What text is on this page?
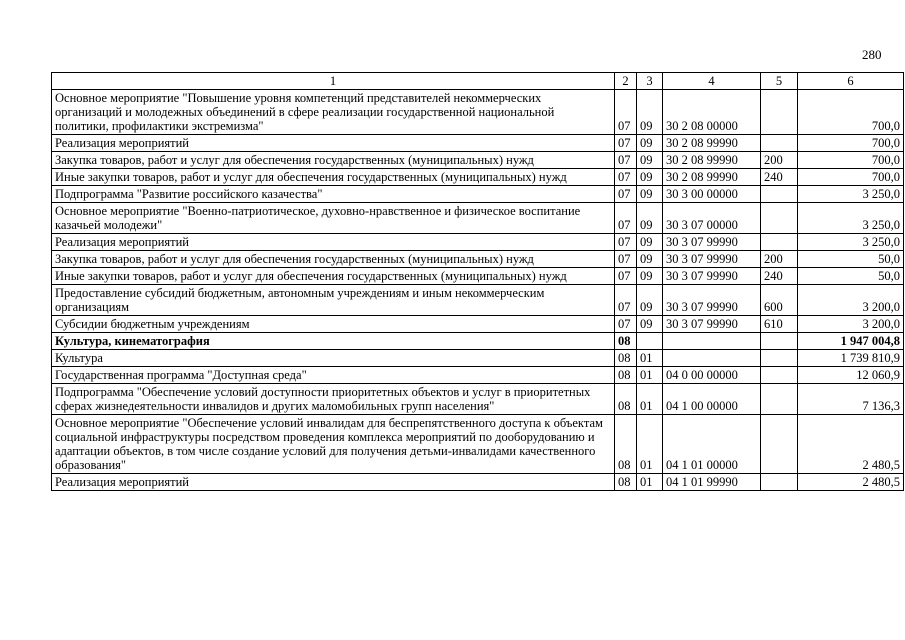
280
1	2	3	4	5	6
Основное мероприятие "Повышение уровня компетенций представителей некоммерческих организаций и молодежных объединений в сфере реализации государственной национальной политики, профилактики экстремизма"	07	09	30 2 08 00000		700,0
Реализация мероприятий	07	09	30 2 08 99990		700,0
Закупка товаров, работ и услуг для обеспечения государственных (муниципальных) нужд	07	09	30 2 08 99990	200	700,0
Иные закупки товаров, работ и услуг для обеспечения государственных (муниципальных) нужд	07	09	30 2 08 99990	240	700,0
Подпрограмма "Развитие российского казачества"	07	09	30 3 00 00000		3 250,0
Основное мероприятие "Военно-патриотическое, духовно-нравственное и физическое воспитание казачьей молодежи"	07	09	30 3 07 00000		3 250,0
Реализация мероприятий	07	09	30 3 07 99990		3 250,0
Закупка товаров, работ и услуг для обеспечения государственных (муниципальных) нужд	07	09	30 3 07 99990	200	50,0
Иные закупки товаров, работ и услуг для обеспечения государственных (муниципальных) нужд	07	09	30 3 07 99990	240	50,0
Предоставление субсидий бюджетным, автономным учреждениям и иным некоммерческим организациям	07	09	30 3 07 99990	600	3 200,0
Субсидии бюджетным учреждениям	07	09	30 3 07 99990	610	3 200,0
Культура, кинематография	08				1 947 004,8
Культура	08	01			1 739 810,9
Государственная программа "Доступная среда"	08	01	04 0 00 00000		12 060,9
Подпрограмма "Обеспечение условий доступности приоритетных объектов и услуг в приоритетных сферах жизнедеятельности инвалидов и других маломобильных групп населения"	08	01	04 1 00 00000		7 136,3
Основное мероприятие "Обеспечение условий инвалидам для беспрепятственного доступа к объектам социальной инфраструктуры посредством проведения комплекса мероприятий по дооборудованию и адаптации объектов, в том числе создание условий для получения детьми-инвалидами качественного образования"	08	01	04 1 01 00000		2 480,5
Реализация мероприятий	08	01	04 1 01 99990		2 480,5
